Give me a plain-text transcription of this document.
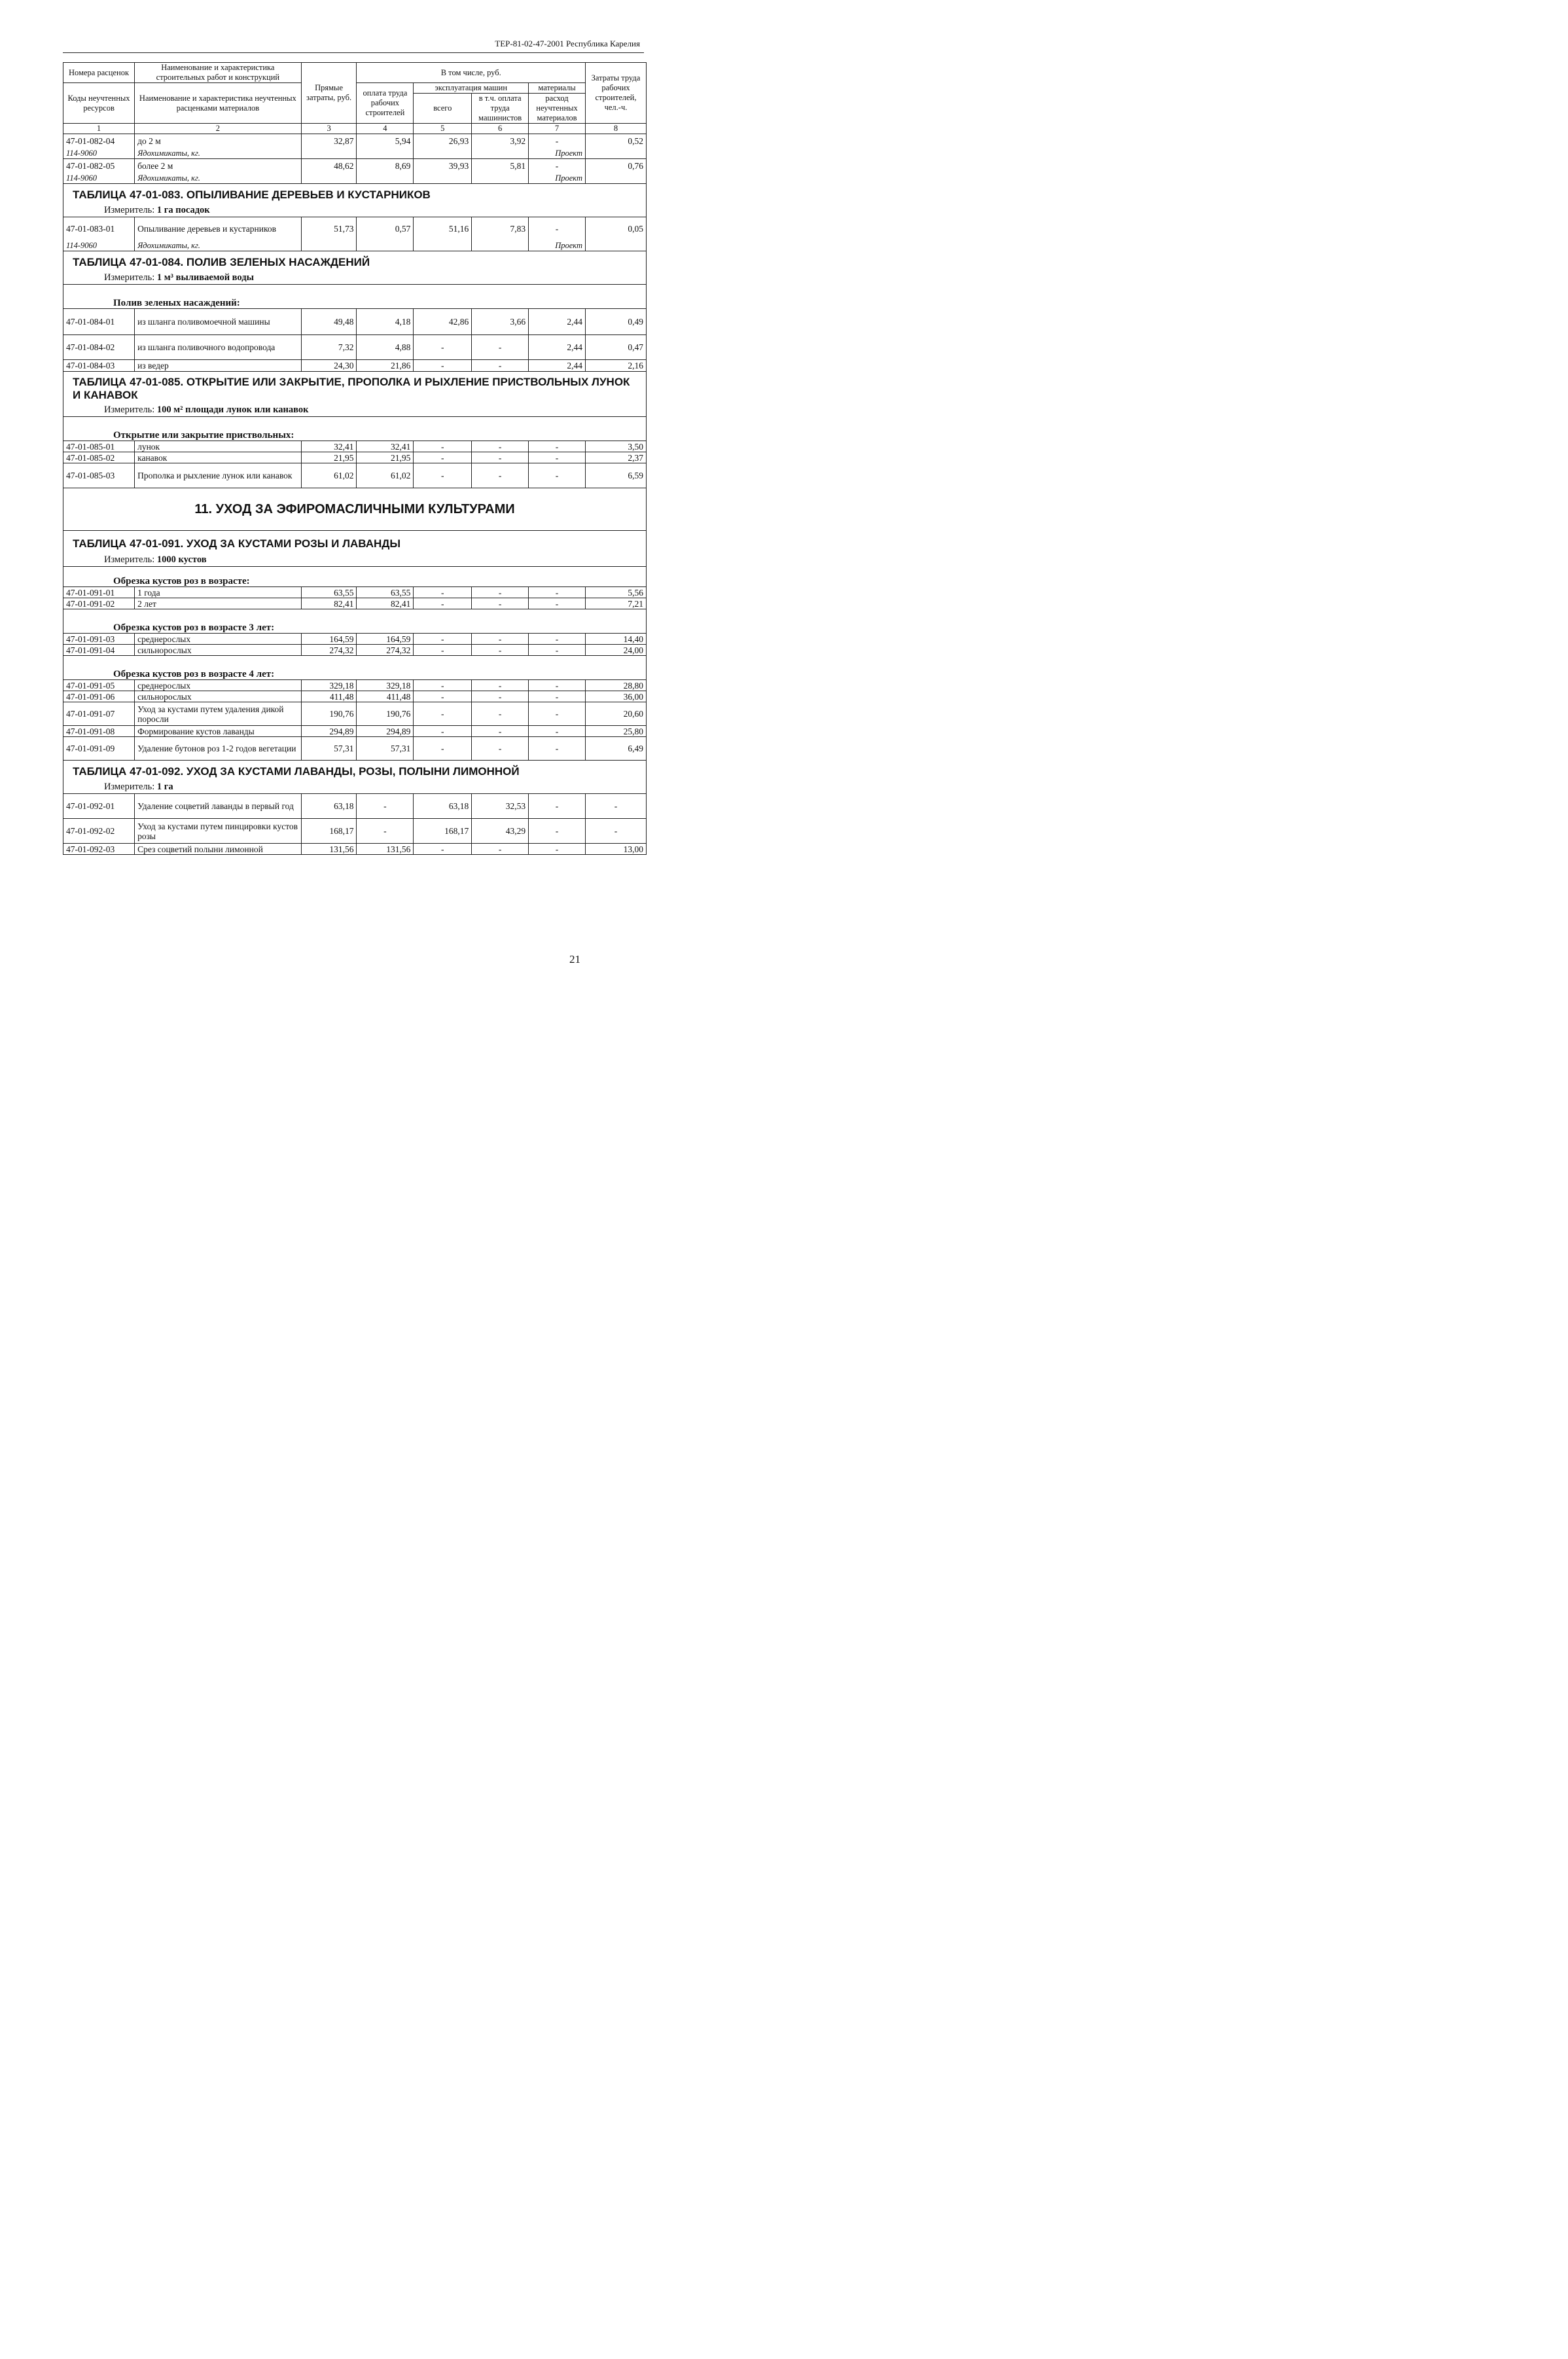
ТЕР-81-02-47-2001 Республика Карелия
Номера расценок	Наименование и характеристика строительных работ и конструкций	Прямые затраты, руб.	В том числе, руб.				Затраты труда рабочих строителей, чел.-ч.
Коды неучтенных ресурсов	Наименование и характеристика неучтенных расценками материалов		оплата труда рабочих строителей	эксплуатация машин		материалы	
				всего	в т.ч. оплата труда машинистов	расход неучтенных материалов	
1	2	3	4	5	6	7	8
47-01-082-04	до 2 м	32,87	5,94	26,93	3,92	-	0,52
114-9060	Ядохимикаты, кг.					Проект	
47-01-082-05	более 2 м	48,62	8,69	39,93	5,81	-	0,76
114-9060	Ядохимикаты, кг.					Проект	
ТАБЛИЦА 47-01-083. ОПЫЛИВАНИЕ ДЕРЕВЬЕВ И КУСТАРНИКОВ							
Измеритель: 1 га посадок							
47-01-083-01	Опыливание деревьев и кустарников	51,73	0,57	51,16	7,83	-	0,05
114-9060	Ядохимикаты, кг.					Проект	
ТАБЛИЦА 47-01-084. ПОЛИВ ЗЕЛЕНЫХ НАСАЖДЕНИЙ							
Измеритель: 1 м³ выливаемой воды							
Полив зеленых насаждений:							
47-01-084-01	из шланга поливомоечной машины	49,48	4,18	42,86	3,66	2,44	0,49
47-01-084-02	из шланга поливочного водопровода	7,32	4,88	-	-	2,44	0,47
47-01-084-03	из ведер	24,30	21,86	-	-	2,44	2,16
ТАБЛИЦА 47-01-085. ОТКРЫТИЕ ИЛИ ЗАКРЫТИЕ, ПРОПОЛКА И РЫХЛЕНИЕ ПРИСТВОЛЬНЫХ ЛУНОК И КАНАВОК							
Измеритель: 100 м² площади лунок или канавок							
Открытие или закрытие приствольных:							
47-01-085-01	лунок	32,41	32,41	-	-	-	3,50
47-01-085-02	канавок	21,95	21,95	-	-	-	2,37
47-01-085-03	Прополка и рыхление лунок или канавок	61,02	61,02	-	-	-	6,59
11. УХОД ЗА ЭФИРОМАСЛИЧНЫМИ КУЛЬТУРАМИ							
ТАБЛИЦА 47-01-091. УХОД ЗА КУСТАМИ РОЗЫ И ЛАВАНДЫ							
Измеритель: 1000 кустов							
Обрезка кустов роз в возрасте:							
47-01-091-01	1 года	63,55	63,55	-	-	-	5,56
47-01-091-02	2 лет	82,41	82,41	-	-	-	7,21
Обрезка кустов роз в возрасте 3 лет:							
47-01-091-03	среднерослых	164,59	164,59	-	-	-	14,40
47-01-091-04	сильнорослых	274,32	274,32	-	-	-	24,00
Обрезка кустов роз в возрасте 4 лет:							
47-01-091-05	среднерослых	329,18	329,18	-	-	-	28,80
47-01-091-06	сильнорослых	411,48	411,48	-	-	-	36,00
47-01-091-07	Уход за кустами путем удаления дикой поросли	190,76	190,76	-	-	-	20,60
47-01-091-08	Формирование кустов лаванды	294,89	294,89	-	-	-	25,80
47-01-091-09	Удаление бутонов роз 1-2 годов вегетации	57,31	57,31	-	-	-	6,49
ТАБЛИЦА 47-01-092. УХОД ЗА КУСТАМИ ЛАВАНДЫ, РОЗЫ, ПОЛЫНИ ЛИМОННОЙ							
Измеритель: 1 га							
47-01-092-01	Удаление соцветий лаванды в первый год	63,18	-	63,18	32,53	-	-
47-01-092-02	Уход за кустами путем пинцировки кустов розы	168,17	-	168,17	43,29	-	-
47-01-092-03	Срез соцветий полыни лимонной	131,56	131,56	-	-	-	13,00
21
